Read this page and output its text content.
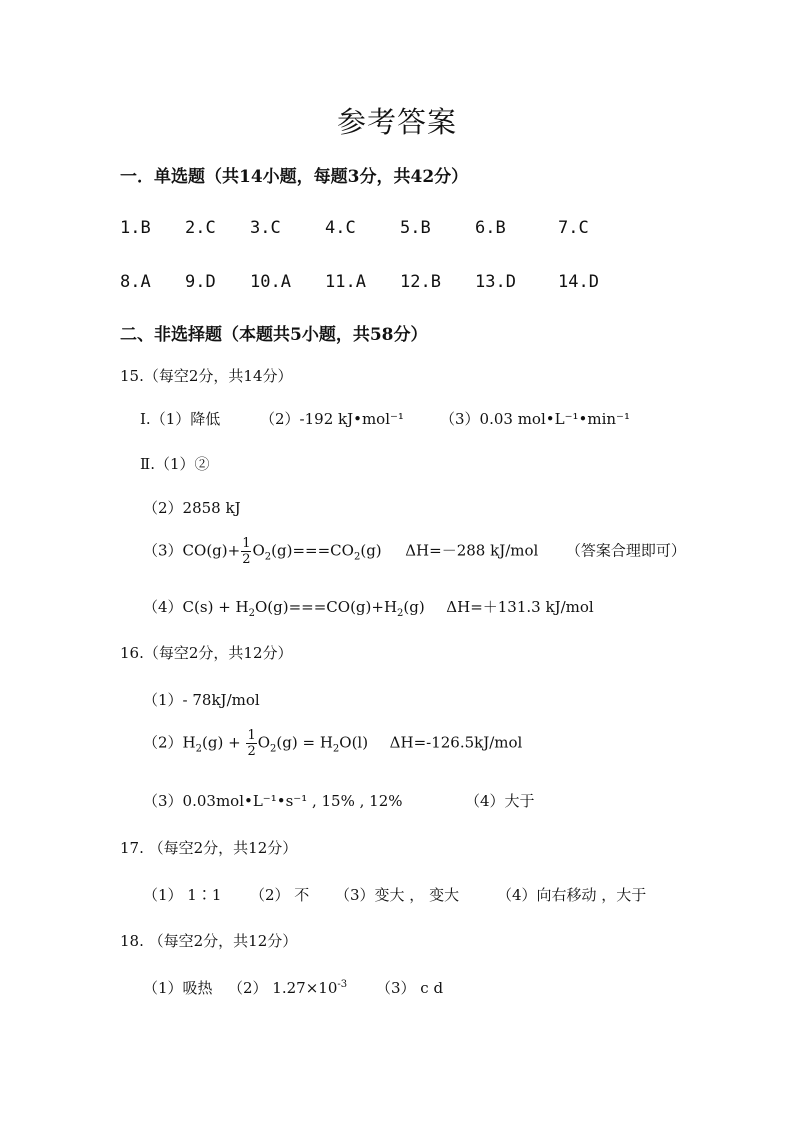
参考答案
一．单选题（共14小题，每题3分，共42分）
1.B 2.C 3.C	4.C	5.B	6.B	7.C
8.A 9.D 10.A 11.A 12.B 13.D 14.D
二、非选择题（本题共5小题，共58分）
15.（每空2分，共14分）
Ⅰ.（1）降低	（2）-192 kJ•mol⁻¹ （3）0.03 mol•L⁻¹•min⁻¹
Ⅱ.（1）②
（2）2858 kJ
$(3)CO(g)+ \frac{1}{2} O_2(g)===CO_2(g)$ ΔH=－288 kJ/mol （答案合理即可）
$(4)C(s) + H_2O(g)===CO(g)+H_2(g)$ ΔH=＋131.3 kJ/mol
16.（每空2分，共12分）
（1）- 78kJ/mol
$(2)H_2(g) + \frac{1}{2} O_2(g) = H_2O(l)$ ΔH=-126.5kJ/mol
（3）0.03mol•L⁻¹•s⁻¹ , 15% , 12%	（4）大于
17. （每空2分，共12分）
（1） 1∶1 （2） 不 （3）变大 ， 变大	（4）向右移动 ，大于
18. （每空2分，共12分）
（1）吸热 （2） $1.27\times 10^{-3}$ （3） c d
